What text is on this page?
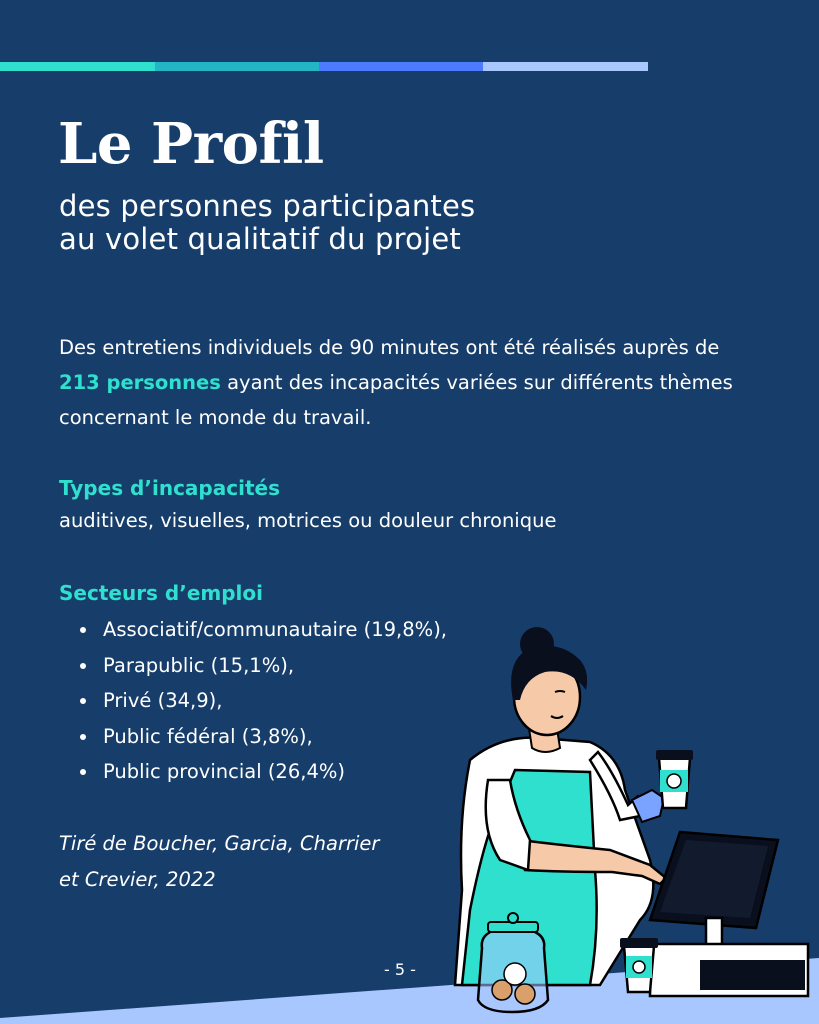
Le Profil
des personnes participantes
au volet qualitatif du projet

Des entretiens individuels de 90 minutes ont été réalisés auprès de 213 personnes ayant des incapacités variées sur différents thèmes concernant le monde du travail.

Types d’incapacités

auditives, visuelles, motrices ou douleur chronique

Secteurs d’emploi
Associatif/communautaire (19,8%),
Parapublic (15,1%),
Privé (34,9),
Public fédéral (3,8%),
Public provincial (26,4%)

Tiré de Boucher, Garcia, Charrier
et Crevier, 2022

- 5 -
